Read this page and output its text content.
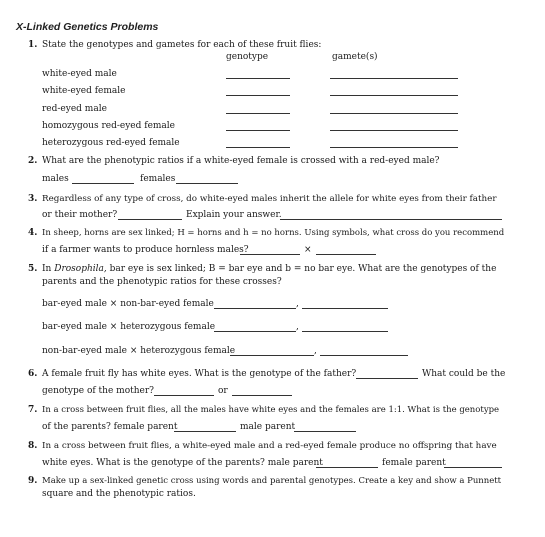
X-Linked Genetics Problems
1. State the genotypes and gametes for each of these fruit flies:
genotype	gamete(s)
white-eyed male
white-eyed female
red-eyed male
homozygous red-eyed female
heterozygous red-eyed female
2. What are the phenotypic ratios if a white-eyed female is crossed with a red-eyed male?
males	females
3. Regardless of any type of cross, do white-eyed males inherit the allele for white eyes from their father
or their mother?	Explain your answer.
4. In sheep, horns are sex linked; H = horns and h = no horns. Using symbols, what cross do you recommend
if a farmer wants to produce hornless males?	×
5. In Drosophila, bar eye is sex linked; B = bar eye and b = no bar eye. What are the genotypes of the
parents and the phenotypic ratios for these crosses?
bar-eyed male × non-bar-eyed female	,
bar-eyed male × heterozygous female	,
non-bar-eyed male × heterozygous female	,
6. A female fruit fly has white eyes. What is the genotype of the father?	What could be the
genotype of the mother?	or
7. In a cross between fruit flies, all the males have white eyes and the females are 1:1. What is the genotype
of the parents? female parent	male parent
8. In a cross between fruit flies, a white-eyed male and a red-eyed female produce no offspring that have
white eyes. What is the genotype of the parents? male parent	female parent
9. Make up a sex-linked genetic cross using words and parental genotypes. Create a key and show a Punnett
square and the phenotypic ratios.
